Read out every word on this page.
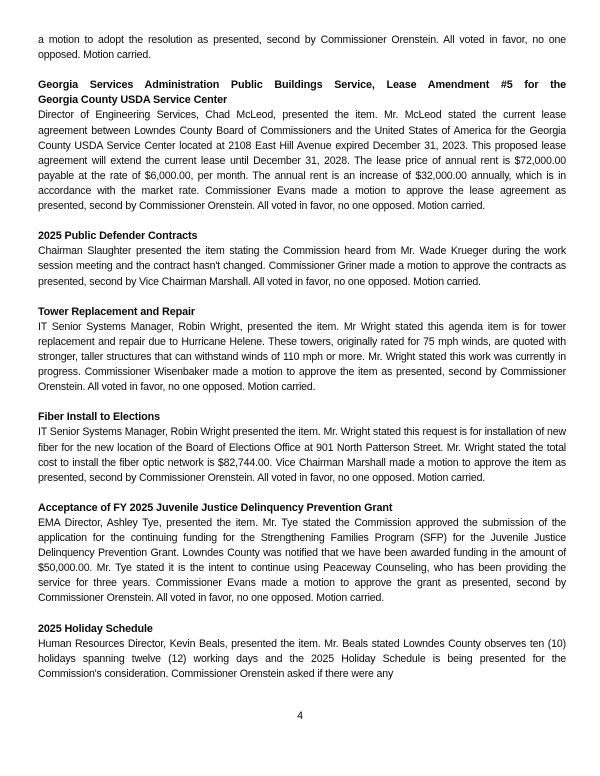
a motion to adopt the resolution as presented, second by Commissioner Orenstein. All voted in favor, no one opposed. Motion carried.

Georgia Services Administration Public Buildings Service, Lease Amendment #5 for the
Georgia County USDA Service Center

Director of Engineering Services, Chad McLeod, presented the item. Mr. McLeod stated the current lease agreement between Lowndes County Board of Commissioners and the United States of America for the Georgia County USDA Service Center located at 2108 East Hill Avenue expired December 31, 2023. This proposed lease agreement will extend the current lease until December 31, 2028. The lease price of annual rent is $72,000.00 payable at the rate of $6,000.00, per month. The annual rent is an increase of $32,000.00 annually, which is in accordance with the market rate. Commissioner Evans made a motion to approve the lease agreement as presented, second by Commissioner Orenstein. All voted in favor, no one opposed. Motion carried.

2025 Public Defender Contracts

Chairman Slaughter presented the item stating the Commission heard from Mr. Wade Krueger during the work session meeting and the contract hasn't changed. Commissioner Griner made a motion to approve the contracts as presented, second by Vice Chairman Marshall. All voted in favor, no one opposed. Motion carried.

Tower Replacement and Repair

IT Senior Systems Manager, Robin Wright, presented the item. Mr Wright stated this agenda item is for tower replacement and repair due to Hurricane Helene. These towers, originally rated for 75 mph winds, are quoted with stronger, taller structures that can withstand winds of 110 mph or more. Mr. Wright stated this work was currently in progress. Commissioner Wisenbaker made a motion to approve the item as presented, second by Commissioner Orenstein. All voted in favor, no one opposed. Motion carried.

Fiber Install to Elections

IT Senior Systems Manager, Robin Wright presented the item. Mr. Wright stated this request is for installation of new fiber for the new location of the Board of Elections Office at 901 North Patterson Street. Mr. Wright stated the total cost to install the fiber optic network is $82,744.00. Vice Chairman Marshall made a motion to approve the item as presented, second by Commissioner Orenstein. All voted in favor, no one opposed. Motion carried.

Acceptance of FY 2025 Juvenile Justice Delinquency Prevention Grant

EMA Director, Ashley Tye, presented the item. Mr. Tye stated the Commission approved the submission of the application for the continuing funding for the Strengthening Families Program (SFP) for the Juvenile Justice Delinquency Prevention Grant. Lowndes County was notified that we have been awarded funding in the amount of $50,000.00. Mr. Tye stated it is the intent to continue using Peaceway Counseling, who has been providing the service for three years. Commissioner Evans made a motion to approve the grant as presented, second by Commissioner Orenstein. All voted in favor, no one opposed. Motion carried.

2025 Holiday Schedule

Human Resources Director, Kevin Beals, presented the item. Mr. Beals stated Lowndes County observes ten (10) holidays spanning twelve (12) working days and the 2025 Holiday Schedule is being presented for the Commission's consideration. Commissioner Orenstein asked if there were any

4
